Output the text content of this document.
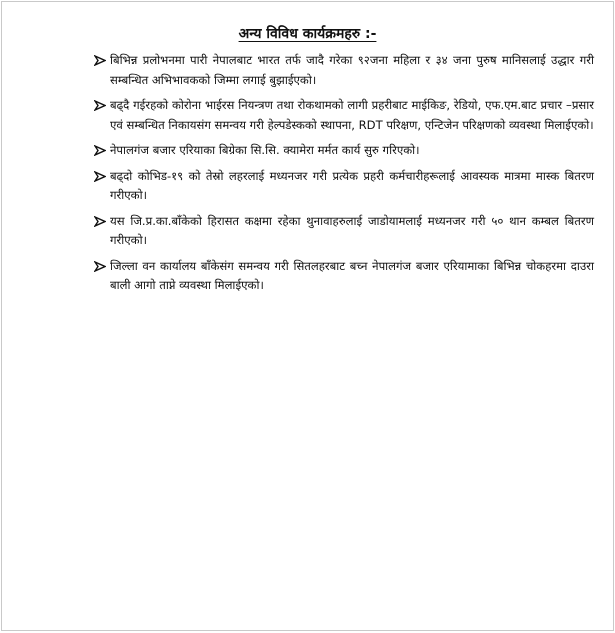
अन्य विविध कार्यक्रमहरु :-
बिभिन्न प्रलोभनमा पारी नेपालबाट भारत तर्फ जादै गरेका ९२जना महिला र ३४ जना पुरुष मानिसलाई उद्धार गरी सम्बन्धित अभिभावकको जिम्मा लगाई बुझाईएको।
बढ्दै गईरहको कोरोना भाईरस नियन्त्रण तथा रोकथामको लागी प्रहरीबाट माईकिङ, रेडियो, एफ.एम.बाट प्रचार –प्रसार एवं सम्बन्धित निकायसंग समन्वय गरी हेल्पडेस्कको स्थापना, RDT परिक्षण, एन्टिजेन परिक्षणको व्यवस्था मिलाईएको।
नेपालगंज बजार एरियाका बिग्रेका सि.सि. क्यामेरा मर्मत कार्य सुरु गरिएको।
बढ्दो कोभिड-१९ को तेस्रो लहरलाई मध्यनजर गरी प्रत्येक प्रहरी कर्मचारीहरूलाई आवस्यक मात्रमा मास्क बितरण गरीएको।
यस जि.प्र.का.बाँकेको हिरासत कक्षमा रहेका थुनावाहरुलाई जाडोयामलाई मध्यनजर गरी ५० थान कम्बल बितरण गरीएको।
जिल्ला वन कार्यालय बाँकेसंग समन्वय गरी सितलहरबाट बच्न नेपालगंज बजार एरियामाका बिभिन्न चोकहरमा दाउरा बाली आगो ताप्ने व्यवस्था मिलाईएको।
